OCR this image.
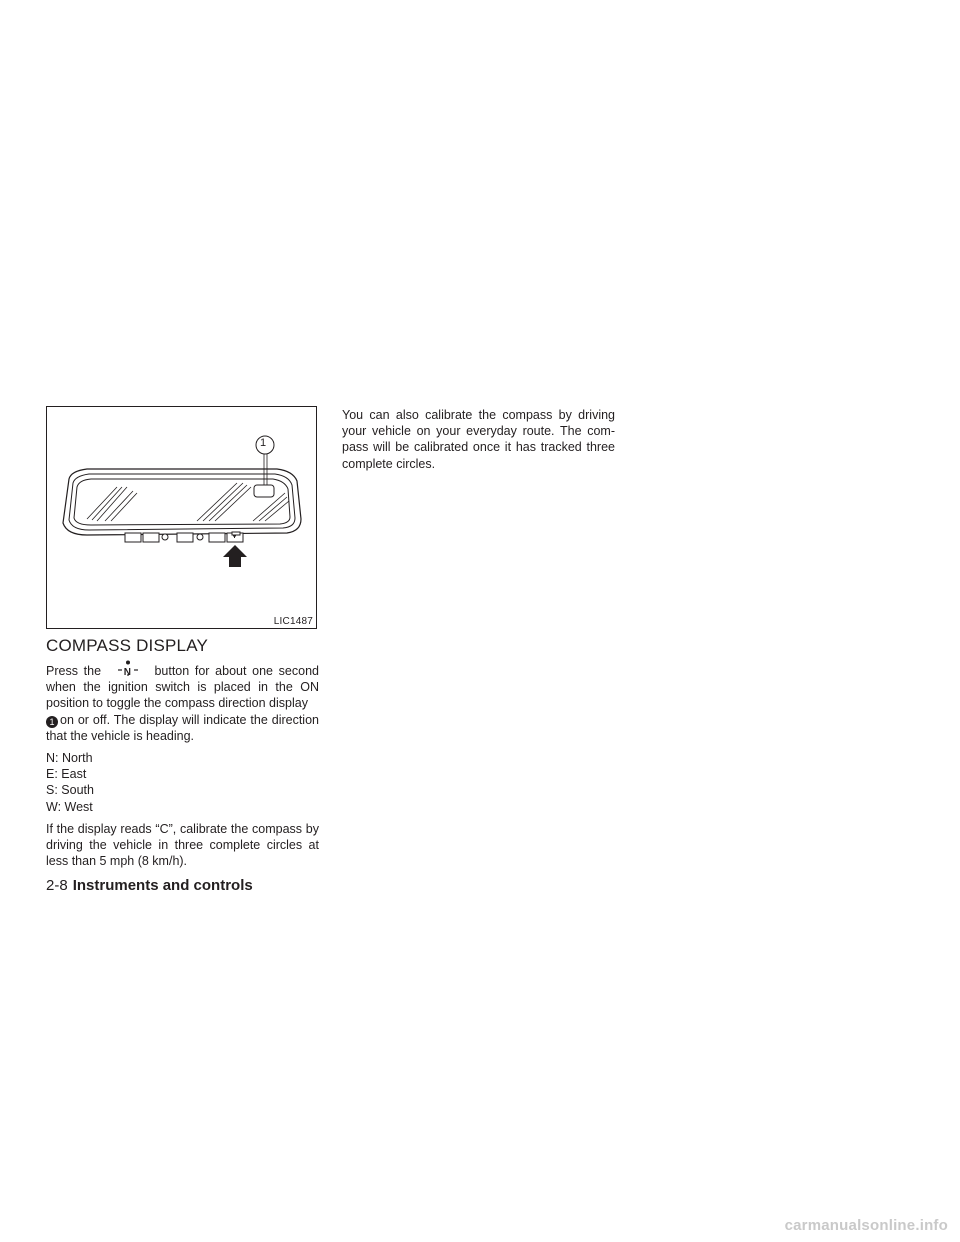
1
LIC1487
COMPASS DISPLAY

Press the N button for about one second when the ignition switch is placed in the ON position to toggle the compass direction display
1 on or off. The display will indicate the direction that the vehicle is heading.

N: North
E: East
S: South
W: West

If the display reads “C”, calibrate the compass by driving the vehicle in three complete circles at less than 5 mph (8 km/h).

You can also calibrate the compass by driving your vehicle on your everyday route. The com-pass will be calibrated once it has tracked three complete circles.

2-8 Instruments and controls
carmanualsonline.info
